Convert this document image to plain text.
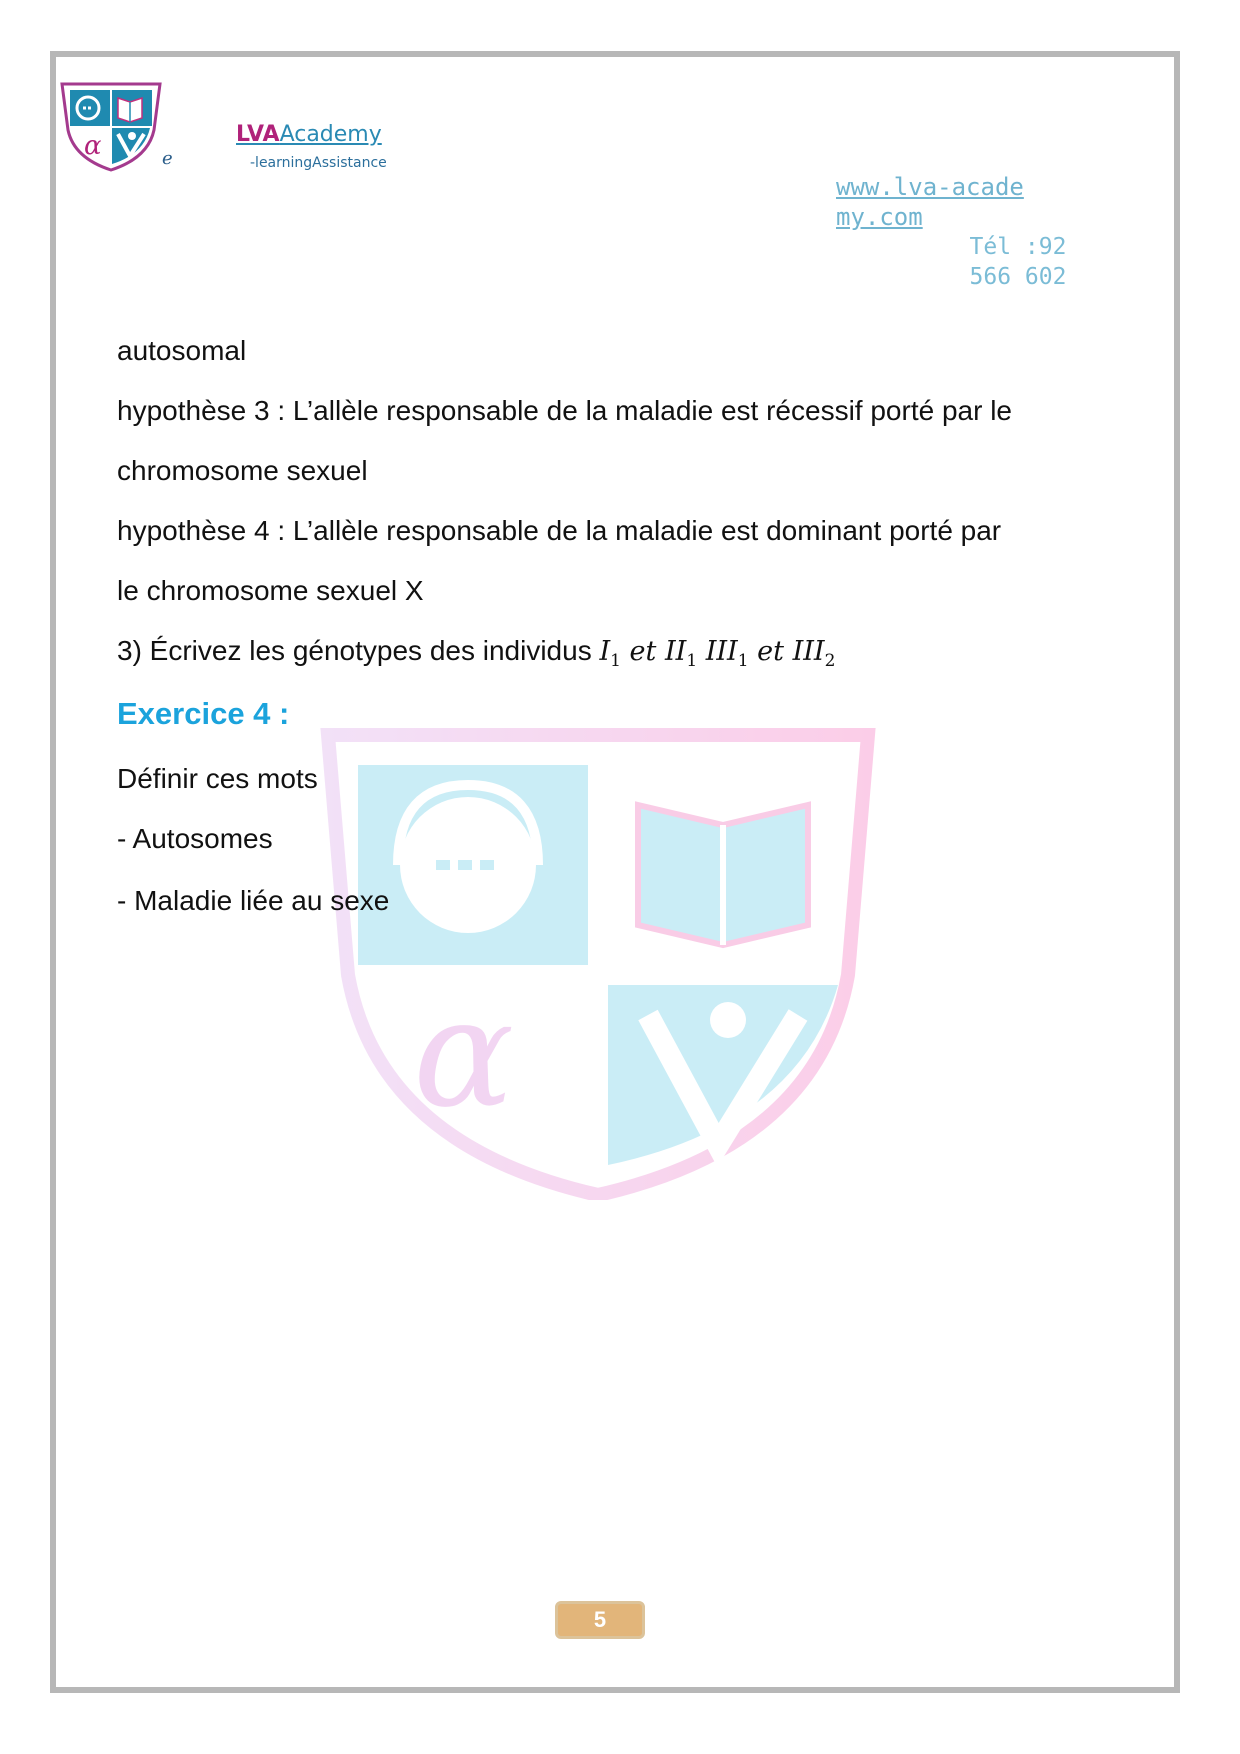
α	e
LVAAcademy
-learningAssistance
www.lva-academy.com
Tél :92 566 602
α
autosomal
hypothèse 3 : L’allèle responsable de la maladie est récessif porté par le
chromosome sexuel
hypothèse 4 : L’allèle responsable de la maladie est dominant porté par
le chromosome sexuel X
3) Écrivez les génotypes des individus $I_1$ et $II_1$ $III_1$ et $III_2$
Exercice 4 :
Définir ces mots
- Autosomes
- Maladie liée au sexe
5
